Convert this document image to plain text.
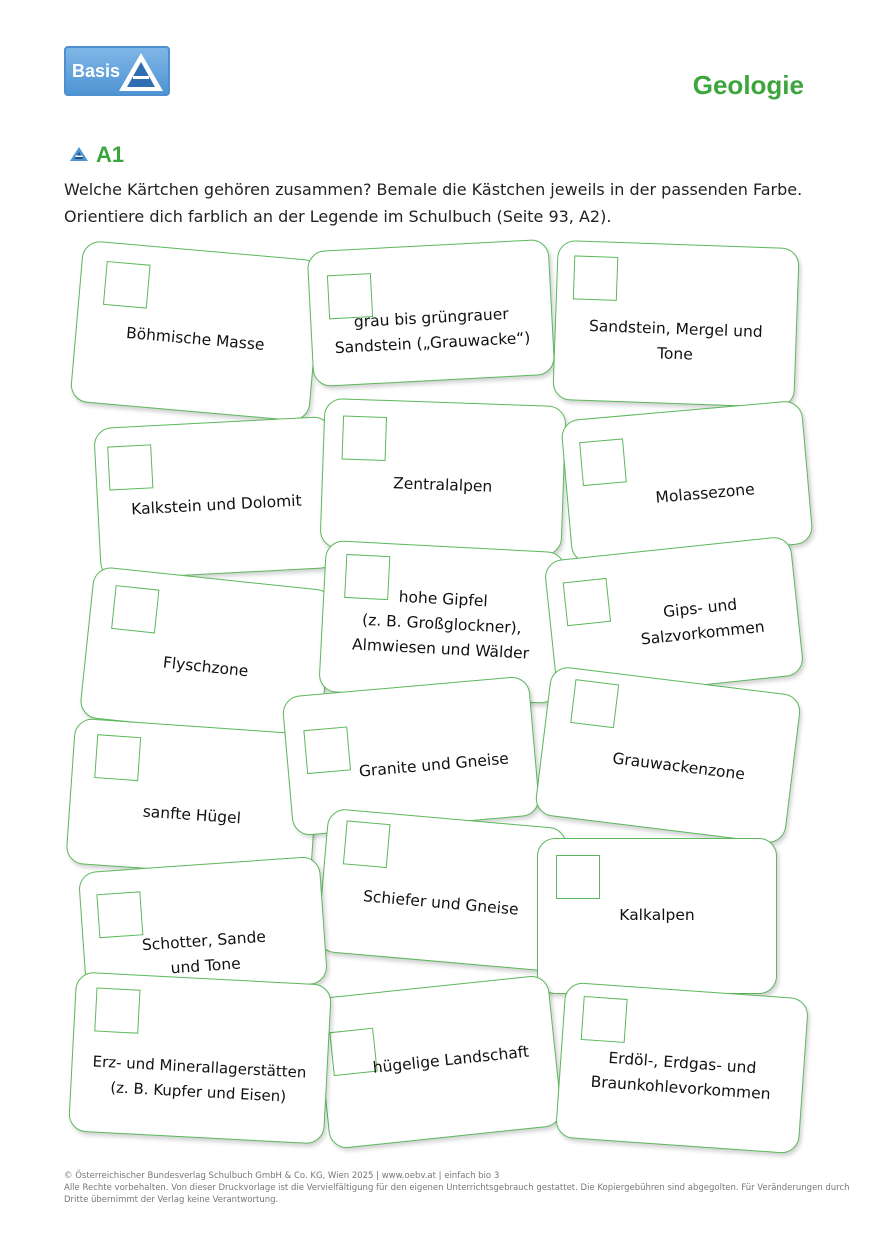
Basis	Geologie
A1
Welche Kärtchen gehören zusammen? Bemale die Kästchen jeweils in der passenden Farbe. Orientiere dich farblich an der Legende im Schulbuch (Seite 93, A2).
Böhmische Masse
grau bis grüngrauer
Sandstein („Grauwacke“)	Sandstein, Mergel und
Tone
Kalkstein und Dolomit
Zentralalpen	Molassezone
Flyschzone
hohe Gipfel
(z. B. Großglockner),
Almwiesen und Wälder
Gips- und
Salzvorkommen
sanfte Hügel
Granite und Gneise	Grauwackenzone
Schiefer und Gneise
Schotter, Sande
und Tone
Kalkalpen
hügelige Landschaft
Erz- und Minerallagerstätten
(z. B. Kupfer und Eisen)
Erdöl-, Erdgas- und
Braunkohlevorkommen
© Österreichischer Bundesverlag Schulbuch GmbH & Co. KG, Wien 2025 | www.oebv.at | einfach bio 3
Alle Rechte vorbehalten. Von dieser Druckvorlage ist die Vervielfältigung für den eigenen Unterrichtsgebrauch gestattet. Die Kopiergebühren sind abgegolten. Für Veränderungen durch
Dritte übernimmt der Verlag keine Verantwortung.
